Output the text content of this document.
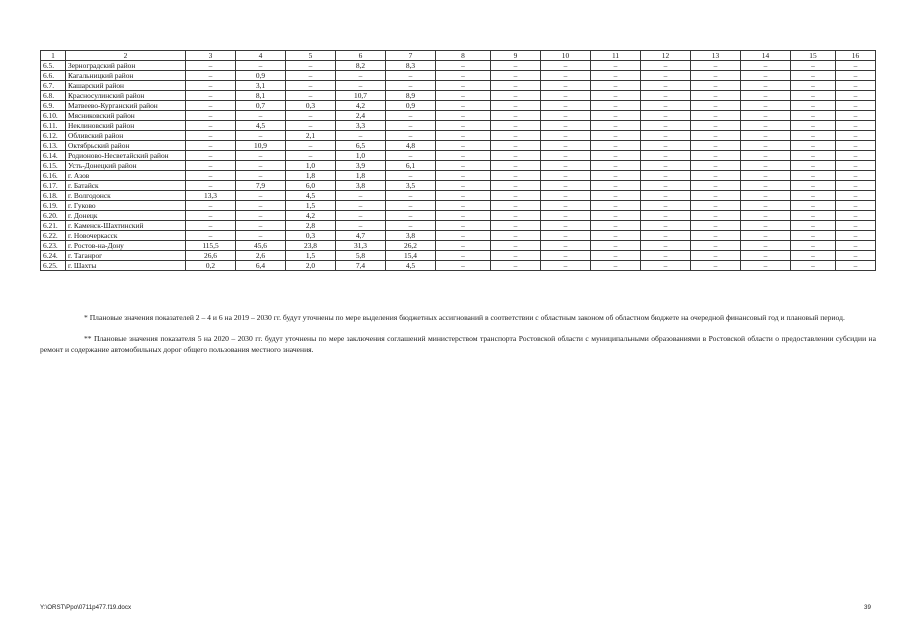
1	2	3	4	5	6	7	8	9	10	11	12	13	14	15	16
6.5.	Зерноградский район	–	–	–	8,2	8,3	–	–	–	–	–	–	–	–	–
6.6.	Кагальницкий район	–	0,9	–	–	–	–	–	–	–	–	–	–	–	–
6.7.	Кашарский район	–	3,1	–	–	–	–	–	–	–	–	–	–	–	–
6.8.	Красносулинский район	–	8,1	–	10,7	8,9	–	–	–	–	–	–	–	–	–
6.9.	Матвеево-Курганский район	–	0,7	0,3	4,2	0,9	–	–	–	–	–	–	–	–	–
6.10.	Мясниковский район	–	–	–	2,4	–	–	–	–	–	–	–	–	–	–
6.11.	Неклиновский район	–	4,5	–	3,3	–	–	–	–	–	–	–	–	–	–
6.12.	Обливский район	–	–	2,1	–	–	–	–	–	–	–	–	–	–	–
6.13.	Октябрьский район	–	10,9	–	6,5	4,8	–	–	–	–	–	–	–	–	–
6.14.	Родионово-Несветайский район	–	–	–	1,0	–	–	–	–	–	–	–	–	–	–
6.15.	Усть-Донецкий район	–	–	1,0	3,9	6,1	–	–	–	–	–	–	–	–	–
6.16.	г. Азов	–	–	1,8	1,8	–	–	–	–	–	–	–	–	–	–
6.17.	г. Батайск	–	7,9	6,0	3,8	3,5	–	–	–	–	–	–	–	–	–
6.18.	г. Волгодонск	13,3	–	4,5	–	–	–	–	–	–	–	–	–	–	–
6.19.	г. Гуково	–	–	1,5	–	–	–	–	–	–	–	–	–	–	–
6.20.	г. Донецк	–	–	4,2	–	–	–	–	–	–	–	–	–	–	–
6.21.	г. Каменск-Шахтинский	–	–	2,8	–	–	–	–	–	–	–	–	–	–	–
6.22.	г. Новочеркасск	–	–	0,3	4,7	3,8	–	–	–	–	–	–	–	–	–
6.23.	г. Ростов-на-Дону	115,5	45,6	23,8	31,3	26,2	–	–	–	–	–	–	–	–	–
6.24.	г. Таганрог	26,6	2,6	1,5	5,8	15,4	–	–	–	–	–	–	–	–	–
6.25.	г. Шахты	0,2	6,4	2,0	7,4	4,5	–	–	–	–	–	–	–	–	–
* Плановые значения показателей 2 – 4 и 6 на 2019 – 2030 гг. будут уточнены по мере выделения бюджетных ассигнований в соответствии с областным законом об областном бюджете на очередной финансовый год и плановый период.
** Плановые значения показателя 5 на 2020 – 2030 гг. будут уточнены по мере заключения соглашений министерством транспорта Ростовской области с муниципальными образованиями в Ростовской области о предоставлении субсидии на ремонт и содержание автомобильных дорог общего пользования местного значения.
Y:\ORST\Ppo\0711p477.f19.docx	39
